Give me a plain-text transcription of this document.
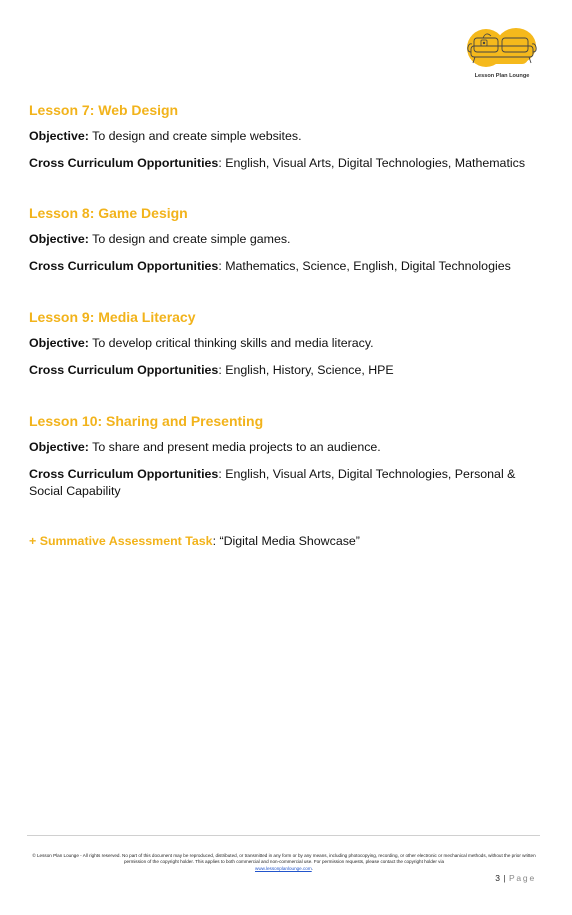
Lesson Plan Lounge
Lesson 7: Web Design
Objective: To design and create simple websites.
Cross Curriculum Opportunities: English, Visual Arts, Digital Technologies, Mathematics
Lesson 8: Game Design
Objective: To design and create simple games.
Cross Curriculum Opportunities: Mathematics, Science, English, Digital Technologies
Lesson 9: Media Literacy
Objective: To develop critical thinking skills and media literacy.
Cross Curriculum Opportunities: English, History, Science, HPE
Lesson 10: Sharing and Presenting
Objective: To share and present media projects to an audience.
Cross Curriculum Opportunities: English, Visual Arts, Digital Technologies, Personal & Social Capability
+ Summative Assessment Task: “Digital Media Showcase”
© Lesson Plan Lounge - All rights reserved. No part of this document may be reproduced, distributed, or transmitted in any form or by any means, including photocopying, recording, or other electronic or mechanical methods, without the prior written permission of the copyright holder. This applies to both commercial and non-commercial use. For permission requests, please contact the copyright holder via
www.lessonplanlounge.com.
3 | Page
